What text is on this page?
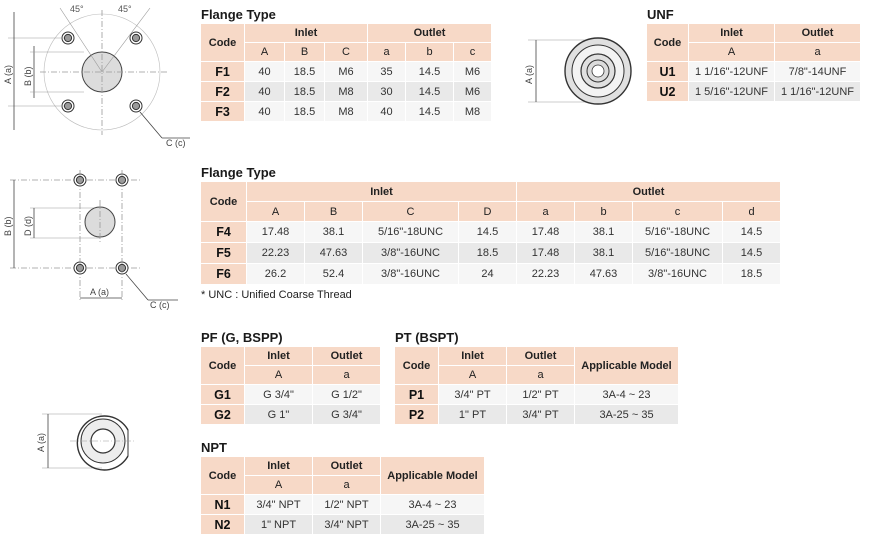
45°	45°
A (a) B (b)
C (c)
B (b) D (d)
A (a)
C (c)
A (a)
A (a)
Flange Type
Code	Inlet			Outlet		
	A	B	C	a	b	c
F1	40	18.5	M6	35	14.5	M6
F2	40	18.5	M8	30	14.5	M6
F3	40	18.5	M8	40	14.5	M8
UNF
Code	Inlet	Outlet
	A	a
U1	1 1/16"-12UNF	7/8"-14UNF
U2	1 5/16"-12UNF	1 1/16"-12UNF
Flange Type
Code	Inlet				Outlet			
	A	B	C	D	a	b	c	d
F4	17.48	38.1	5/16"-18UNC	14.5	17.48	38.1	5/16"-18UNC	14.5
F5	22.23	47.63	3/8"-16UNC	18.5	17.48	38.1	5/16"-18UNC	14.5
F6	26.2	52.4	3/8"-16UNC	24	22.23	47.63	3/8"-16UNC	18.5
* UNC : Unified Coarse Thread
PF (G, BSPP)
Code	Inlet	Outlet
	A	a
G1	G 3/4"	G 1/2"
G2	G 1"	G 3/4"
PT (BSPT)
Code	Inlet	Outlet	Applicable Model
	A	a	
P1	3/4" PT	1/2" PT	3A-4 ~ 23
P2	1" PT	3/4" PT	3A-25 ~ 35
NPT
Code	Inlet	Outlet	Applicable Model
	A	a	
N1	3/4" NPT	1/2" NPT	3A-4 ~ 23
N2	1" NPT	3/4" NPT	3A-25 ~ 35
